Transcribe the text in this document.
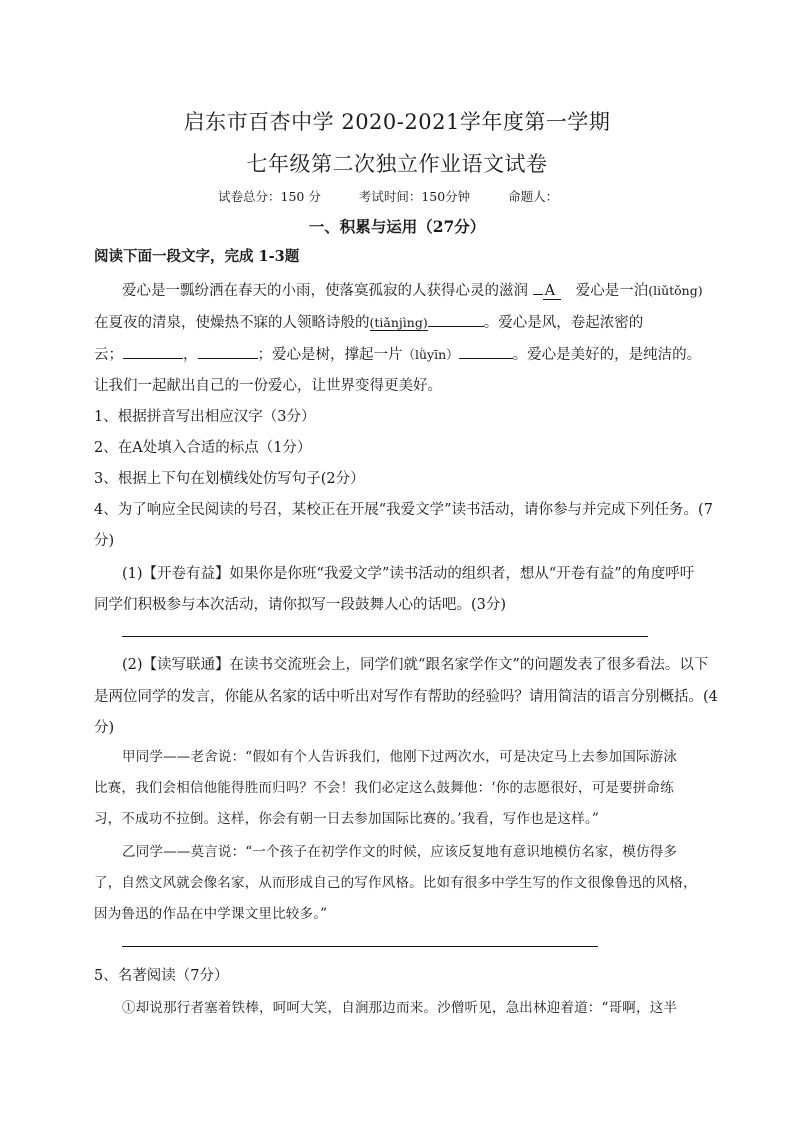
启东市百杏中学 2020-2021学年度第一学期
七年级第二次独立作业语文试卷
试卷总分：150 分	考试时间：150分钟	命题人：
一、积累与运用（27分）
阅读下面一段文字，完成 1-3题
爱心是一瓢纷洒在春天的小雨，使落寞孤寂的人获得心灵的滋润 A 爱心是一泊(liǔtǒng)
在夏夜的清泉，使燥热不寐的人领略诗般的(tiǎnjìng)	。爱心是风，卷起浓密的
云；	，	；爱心是树，撑起一片（lǜyīn）	。爱心是美好的，是纯洁的。
让我们一起献出自己的一份爱心，让世界变得更美好。
1、根据拼音写出相应汉字（3分）
2、在A处填入合适的标点（1分）
3、根据上下句在划横线处仿写句子(2分）
4、为了响应全民阅读的号召，某校正在开展“我爱文学”读书活动，请你参与并完成下列任务。(7
分)
(1)【开卷有益】如果你是你班“我爱文学”读书活动的组织者，想从“开卷有益”的角度呼吁
同学们积极参与本次活动，请你拟写一段鼓舞人心的话吧。(3分)
(2)【读写联通】在读书交流班会上，同学们就“跟名家学作文”的问题发表了很多看法。以下
是两位同学的发言，你能从名家的话中听出对写作有帮助的经验吗？请用简洁的语言分别概括。(4
分)
甲同学——老舍说：“假如有个人告诉我们，他刚下过两次水，可是决定马上去参加国际游泳
比赛，我们会相信他能得胜而归吗？不会！我们必定这么鼓舞他：‘你的志愿很好，可是要拼命练
习，不成功不拉倒。这样，你会有朝一日去参加国际比赛的。’我看，写作也是这样。”
乙同学——莫言说：“一个孩子在初学作文的时候，应该反复地有意识地模仿名家，模仿得多
了，自然文风就会像名家，从而形成自己的写作风格。比如有很多中学生写的作文很像鲁迅的风格，
因为鲁迅的作品在中学课文里比较多。”
5、名著阅读（7分）
①却说那行者塞着铁棒，呵呵大笑，自涧那边而来。沙僧听见，急出林迎着道：“哥啊，这半
